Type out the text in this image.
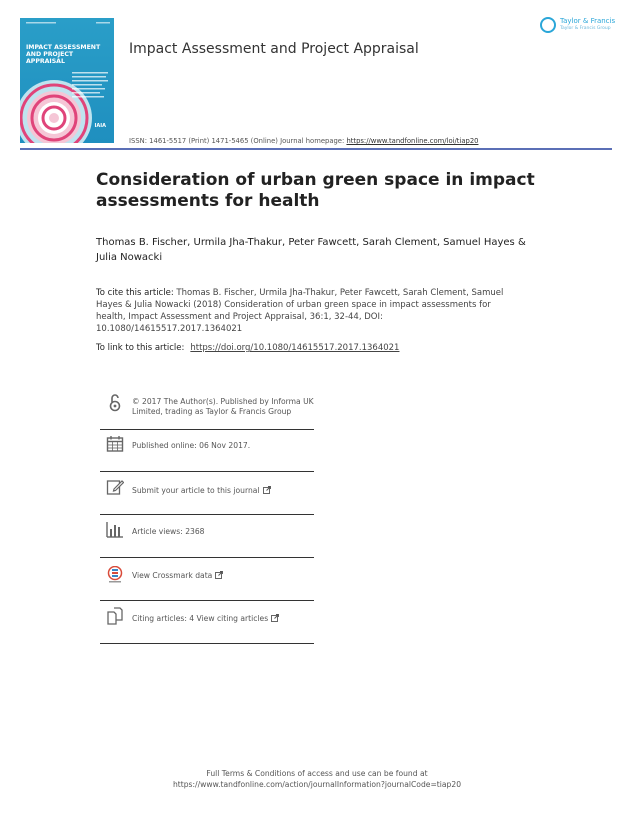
IMPACT ASSESSMENT AND PROJECT APPRAISAL
IAIA
Impact Assessment and Project Appraisal
Taylor & Francis
Taylor & Francis Group
ISSN: 1461-5517 (Print) 1471-5465 (Online) Journal homepage: https://www.tandfonline.com/loi/tiap20
Consideration of urban green space in impact assessments for health
Thomas B. Fischer, Urmila Jha-Thakur, Peter Fawcett, Sarah Clement, Samuel Hayes & Julia Nowacki
To cite this article: Thomas B. Fischer, Urmila Jha-Thakur, Peter Fawcett, Sarah Clement, Samuel Hayes & Julia Nowacki (2018) Consideration of urban green space in impact assessments for health, Impact Assessment and Project Appraisal, 36:1, 32-44, DOI: 10.1080/14615517.2017.1364021
To link to this article: https://doi.org/10.1080/14615517.2017.1364021
© 2017 The Author(s). Published by Informa UK Limited, trading as Taylor & Francis Group
Published online: 06 Nov 2017.
Submit your article to this journal
Article views: 2368
View Crossmark data
Citing articles: 4 View citing articles
Full Terms & Conditions of access and use can be found at
https://www.tandfonline.com/action/journalInformation?journalCode=tiap20
